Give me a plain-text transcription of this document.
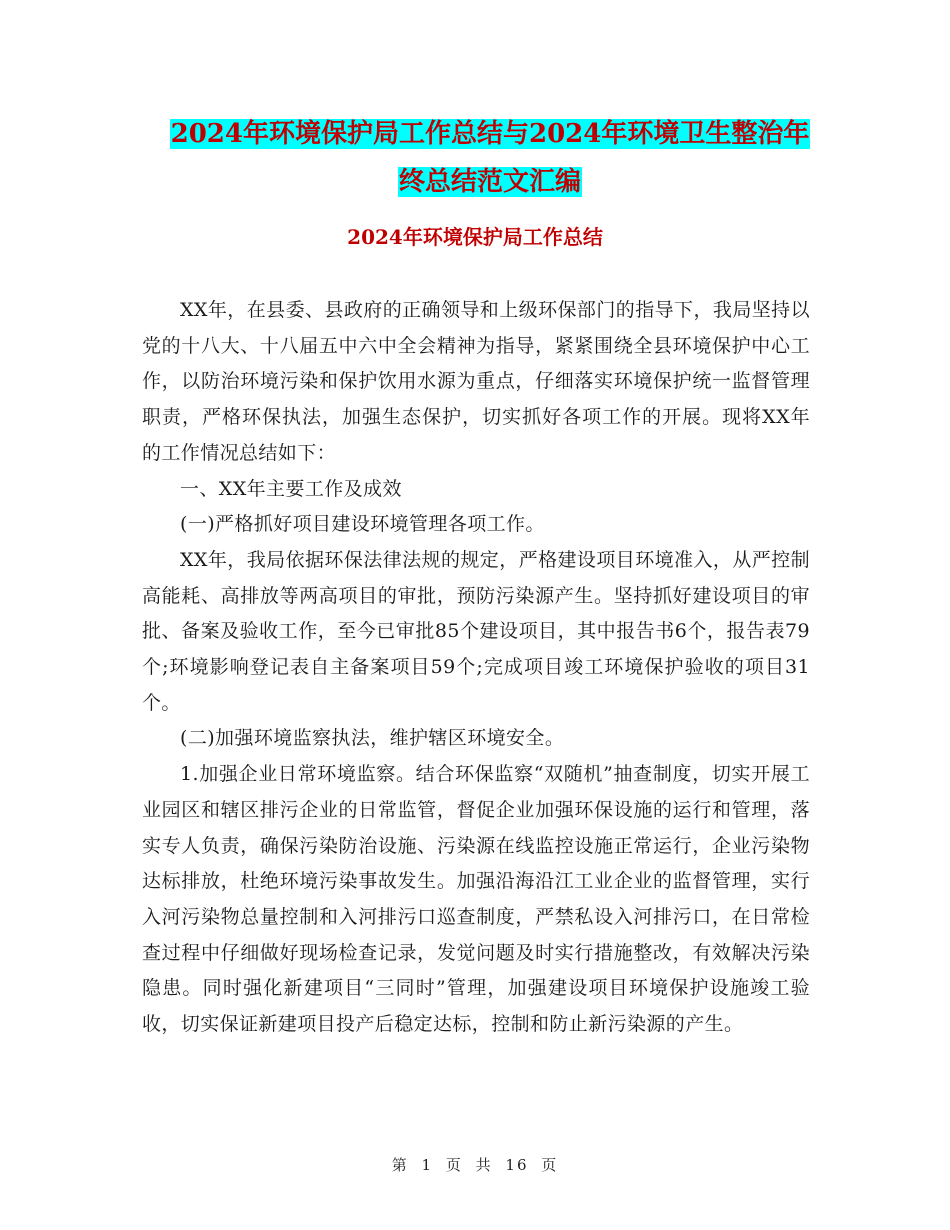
2024年环境保护局工作总结与2024年环境卫生整治年
终总结范文汇编
2024年环境保护局工作总结

XX年，在县委、县政府的正确领导和上级环保部门的指导下，我局坚持以党的十八大、十八届五中六中全会精神为指导，紧紧围绕全县环境保护中心工作，以防治环境污染和保护饮用水源为重点，仔细落实环境保护统一监督管理职责，严格环保执法，加强生态保护，切实抓好各项工作的开展。现将XX年的工作情况总结如下：

一、XX年主要工作及成效

(一)严格抓好项目建设环境管理各项工作。

XX年，我局依据环保法律法规的规定，严格建设项目环境准入，从严控制高能耗、高排放等两高项目的审批，预防污染源产生。坚持抓好建设项目的审批、备案及验收工作，至今已审批85个建设项目，其中报告书6个，报告表79个;环境影响登记表自主备案项目59个;完成项目竣工环境保护验收的项目31个。

(二)加强环境监察执法，维护辖区环境安全。

1.加强企业日常环境监察。结合环保监察“双随机”抽查制度，切实开展工业园区和辖区排污企业的日常监管，督促企业加强环保设施的运行和管理，落实专人负责，确保污染防治设施、污染源在线监控设施正常运行，企业污染物达标排放，杜绝环境污染事故发生。加强沿海沿江工业企业的监督管理，实行入河污染物总量控制和入河排污口巡查制度，严禁私设入河排污口，在日常检查过程中仔细做好现场检查记录，发觉问题及时实行措施整改，有效解决污染隐患。同时强化新建项目“三同时”管理，加强建设项目环境保护设施竣工验收，切实保证新建项目投产后稳定达标，控制和防止新污染源的产生。

第 1 页 共 16 页
